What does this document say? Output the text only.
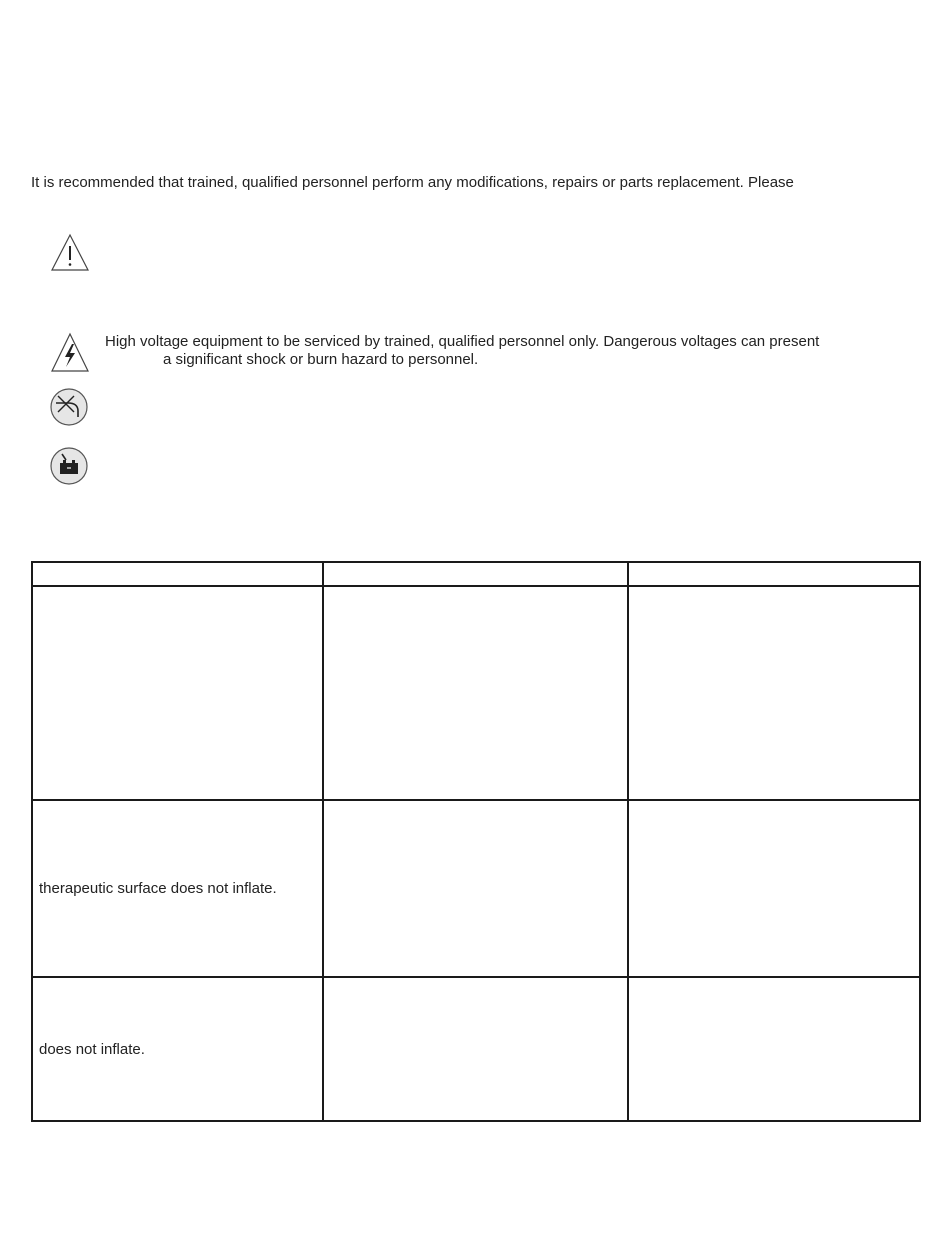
It is recommended that trained, qualified personnel perform any modifications, repairs or parts replacement. Please

High voltage equipment to be serviced by trained, qualified personnel only. Dangerous voltages can present
a significant shock or burn hazard to personnel.

therapeutic surface does not inflate.		
does not inflate.		
